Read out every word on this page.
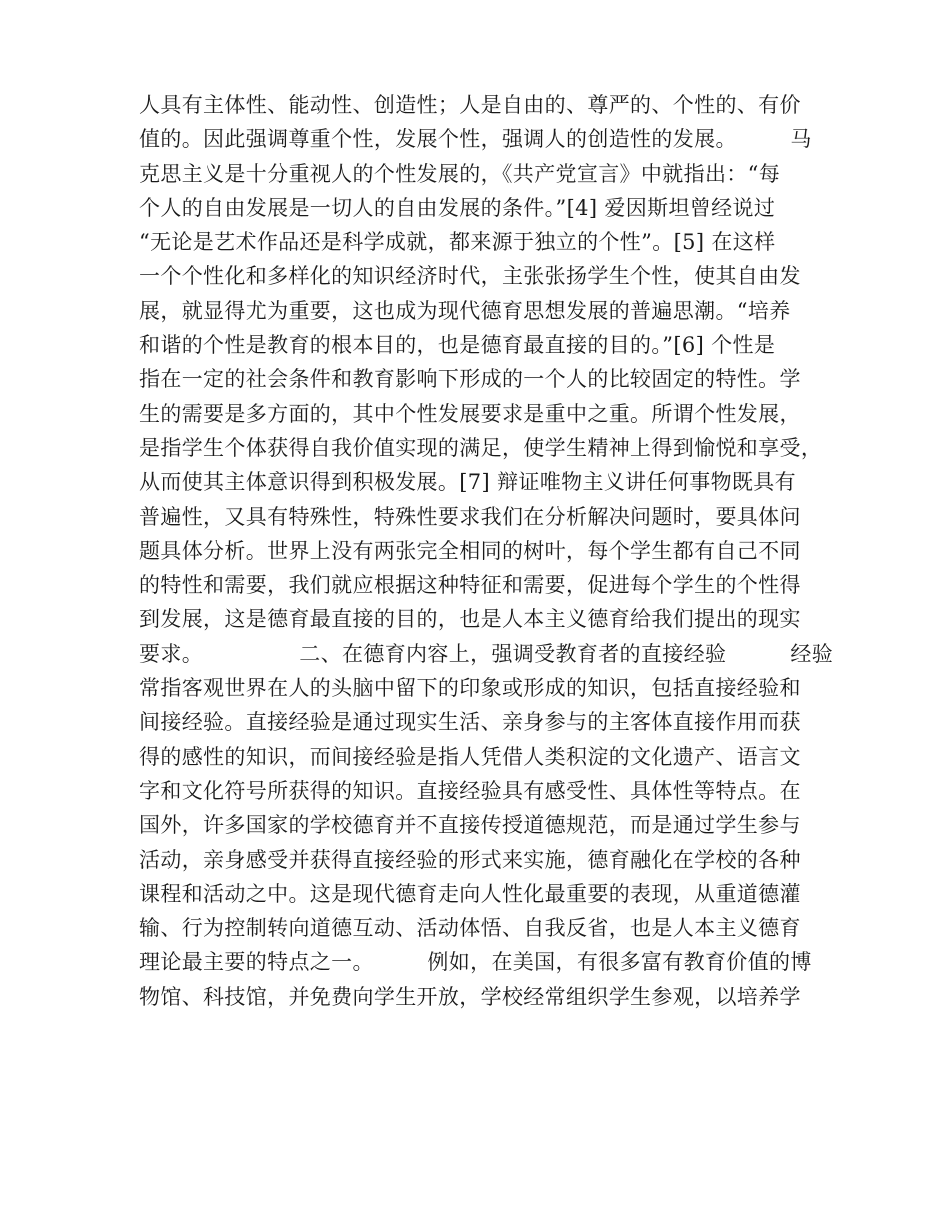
人具有主体性、能动性、创造性；人是自由的、尊严的、个性的、有价
值的。因此强调尊重个性，发展个性，强调人的创造性的发展。　　　马
克思主义是十分重视人的个性发展的，《共产党宣言》中就指出：“每
个人的自由发展是一切人的自由发展的条件。”[4] 爱因斯坦曾经说过
“无论是艺术作品还是科学成就，都来源于独立的个性”。[5] 在这样
一个个性化和多样化的知识经济时代，主张张扬学生个性，使其自由发
展，就显得尤为重要，这也成为现代德育思想发展的普遍思潮。“培养
和谐的个性是教育的根本目的，也是德育最直接的目的。”[6] 个性是
指在一定的社会条件和教育影响下形成的一个人的比较固定的特性。学
生的需要是多方面的，其中个性发展要求是重中之重。所谓个性发展，
是指学生个体获得自我价值实现的满足，使学生精神上得到愉悦和享受，
从而使其主体意识得到积极发展。[7] 辩证唯物主义讲任何事物既具有
普遍性，又具有特殊性，特殊性要求我们在分析解决问题时，要具体问
题具体分析。世界上没有两张完全相同的树叶，每个学生都有自己不同
的特性和需要，我们就应根据这种特征和需要，促进每个学生的个性得
到发展，这是德育最直接的目的，也是人本主义德育给我们提出的现实
要求。　　　　　二、在德育内容上，强调受教育者的直接经验　　　经验
常指客观世界在人的头脑中留下的印象或形成的知识，包括直接经验和
间接经验。直接经验是通过现实生活、亲身参与的主客体直接作用而获
得的感性的知识，而间接经验是指人凭借人类积淀的文化遗产、语言文
字和文化符号所获得的知识。直接经验具有感受性、具体性等特点。在
国外，许多国家的学校德育并不直接传授道德规范，而是通过学生参与
活动，亲身感受并获得直接经验的形式来实施，德育融化在学校的各种
课程和活动之中。这是现代德育走向人性化最重要的表现，从重道德灌
输、行为控制转向道德互动、活动体悟、自我反省，也是人本主义德育
理论最主要的特点之一。　　　例如，在美国，有很多富有教育价值的博
物馆、科技馆，并免费向学生开放，学校经常组织学生参观，以培养学
